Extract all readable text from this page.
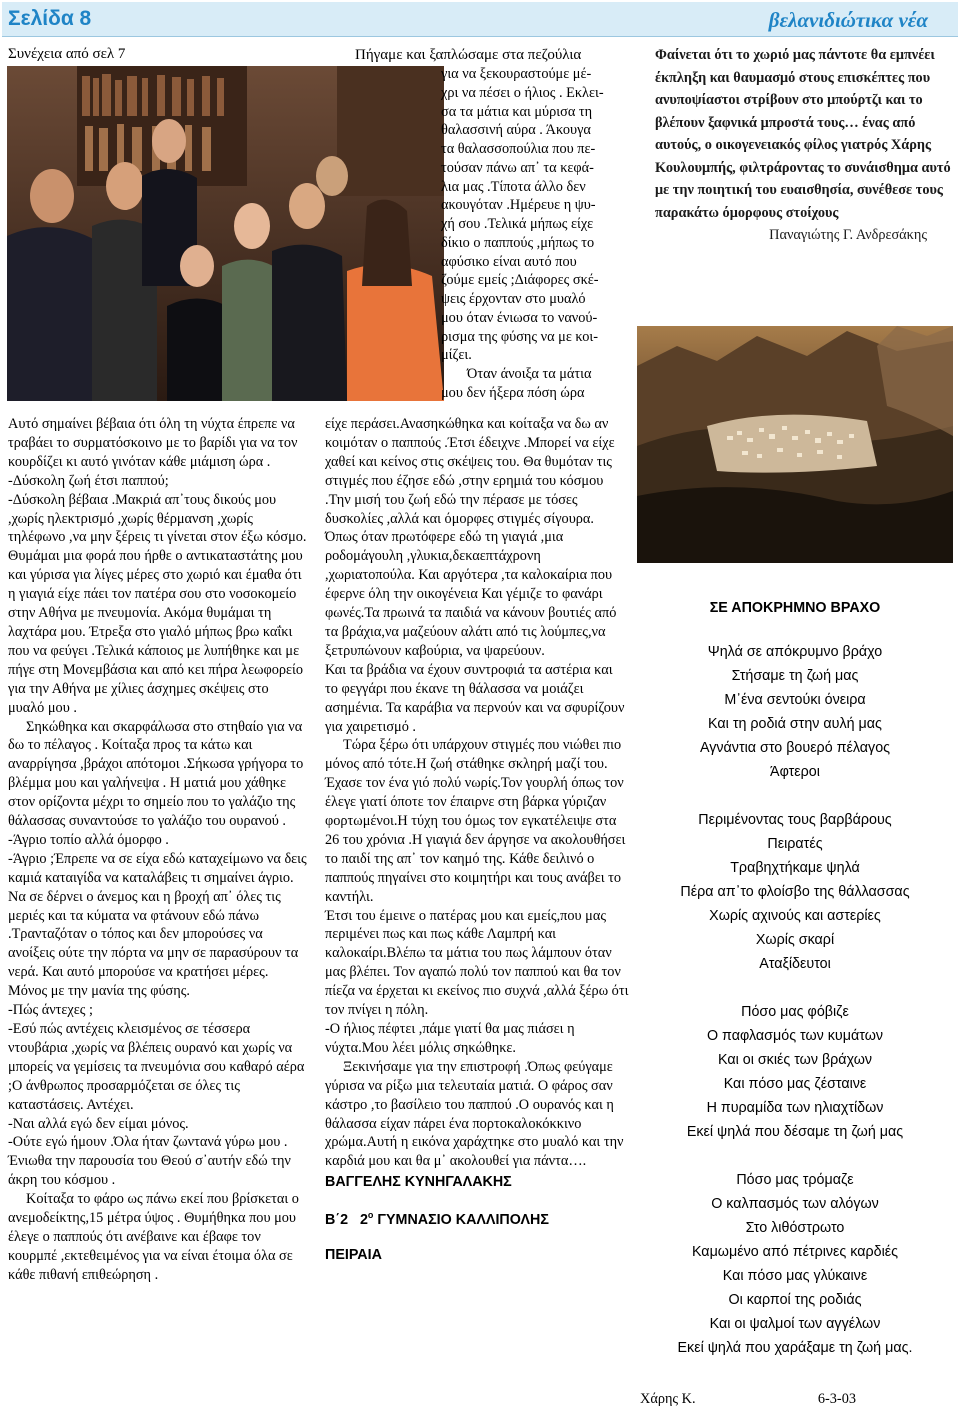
Σελίδα 8	βελανιδιώτικα νέα
Συνέχεια από σελ 7	Πήγαμε και ξαπλώσαμε στα πεζούλια

για να ξεκουραστούμε μέ-

χρι να πέσει ο ήλιος . Εκλει-

σα τα μάτια και μύρισα τη

θαλασσινή αύρα . Άκουγα

τα θαλασσοπούλια που πε-

τούσαν πάνω απ᾽ τα κεφά-

λια μας .Τίποτα άλλο δεν

ακουγόταν .Ημέρευε η ψυ-

χή σου .Τελικά μήπως είχε

δίκιο ο παππούς ,μήπως το

αφύσικο είναι αυτό που

ζούμε εμείς ;Διάφορες σκέ-

ψεις έρχονταν στο μυαλό

μου όταν ένιωσα το νανού-

ρισμα της φύσης να με κοι-

μίζει.

Όταν άνοιξα τα μάτια

μου δεν ήξερα πόση ώρα

Αυτό σημαίνει βέβαια ότι όλη τη νύχτα έπρεπε να τραβάει το συρματόσκοινο με το βαρίδι για να τον κουρδίζει κι αυτό γινόταν κάθε μιάμιση ώρα .

-Δύσκολη ζωή έτσι παππού;

-Δύσκολη βέβαια .Μακριά απ᾽τους δικούς μου ,χωρίς ηλεκτρισμό ,χωρίς θέρμανση ,χωρίς τηλέφωνο ,να μην ξέρεις τι γίνεται στον έξω κόσμο. Θυμάμαι μια φορά που ήρθε ο αντικαταστάτης μου και γύρισα για λίγες μέρες στο χωριό και έμαθα ότι η γιαγιά είχε πάει τον πατέρα σου στο νοσοκομείο στην Αθήνα με πνευμονία. Ακόμα θυμάμαι τη λαχτάρα μου. Έτρεξα στο γιαλό μήπως βρω καΐκι που να φεύγει .Τελικά κάποιος με λυπήθηκε και με πήγε στη Μονεμβάσια και από κει πήρα λεωφορείο για την Αθήνα με χίλιες άσχημες σκέψεις στο μυαλό μου .

Σηκώθηκα και σκαρφάλωσα στο στηθαίο για να δω το πέλαγος . Κοίταξα προς τα κάτω και αναρρίγησα ,βράχοι απότομοι .Σήκωσα γρήγορα το βλέμμα μου και γαλήνεψα . Η ματιά μου χάθηκε στον ορίζοντα μέχρι το σημείο που το γαλάζιο της θάλασσας συναντούσε το γαλάζιο του ουρανού .

-Άγριο τοπίο αλλά όμορφο .

-Άγριο ;Έπρεπε να σε είχα εδώ καταχείμωνο να δεις καμιά καταιγίδα να καταλάβεις τι σημαίνει άγριο. Να σε δέρνει ο άνεμος και η βροχή απ᾽ όλες τις μεριές και τα κύματα να φτάνουν εδώ πάνω .Τρανταζόταν ο τόπος και δεν μπορούσες να ανοίξεις ούτε την πόρτα να μην σε παρασύρουν τα νερά. Και αυτό μπορούσε να κρατήσει μέρες. Μόνος με την μανία της φύσης.

-Πώς άντεχες ;

-Εσύ πώς αντέχεις κλεισμένος σε τέσσερα ντουβάρια ,χωρίς να βλέπεις ουρανό και χωρίς να μπορείς να γεμίσεις τα πνευμόνια σου καθαρό αέρα ;Ο άνθρωπος προσαρμόζεται σε όλες τις καταστάσεις. Αντέχει.

-Ναι αλλά εγώ δεν είμαι μόνος.

-Ούτε εγώ ήμουν .Όλα ήταν ζωντανά γύρω μου . Ένιωθα την παρουσία του Θεού σ᾽αυτήν εδώ την άκρη του κόσμου .

Κοίταξα το φάρο ως πάνω εκεί που βρίσκεται ο ανεμοδείκτης,15 μέτρα ύψος . Θυμήθηκα που μου έλεγε ο παππούς ότι ανέβαινε και έβαφε τον κουρμπέ ,εκτεθειμένος για να είναι έτοιμα όλα σε κάθε πιθανή επιθεώρηση .

είχε περάσει.Ανασηκώθηκα και κοίταξα να δω αν κοιμόταν ο παππούς .Έτσι έδειχνε .Μπορεί να είχε χαθεί και κείνος στις σκέψεις του. Θα θυμόταν τις στιγμές που έζησε εδώ ,στην ερημιά του κόσμου .Την μισή του ζωή εδώ την πέρασε με τόσες δυσκολίες ,αλλά και όμορφες στιγμές σίγουρα. Όπως όταν πρωτόφερε εδώ τη γιαγιά ,μια ροδομάγουλη ,γλυκια,δεκαεπτάχρονη ,χωριατοπούλα. Και αργότερα ,τα καλοκαίρια που έφερνε όλη την οικογένεια Και γέμιζε το φανάρι φωνές.Τα πρωινά τα παιδιά να κάνουν βουτιές από τα βράχια,να μαζεύουν αλάτι από τις λούμπες,να ξετρυπώνουν καβούρια, να ψαρεύουν.

Και τα βράδια να έχουν συντροφιά τα αστέρια και το φεγγάρι που έκανε τη θάλασσα να μοιάζει ασημένια. Τα καράβια να περνούν και να σφυρίζουν για χαιρετισμό .

Τώρα ξέρω ότι υπάρχουν στιγμές που νιώθει πιο μόνος από τότε.Η ζωή στάθηκε σκληρή μαζί του. Έχασε τον ένα γιό πολύ νωρίς.Τον γουρλή όπως τον έλεγε γιατί όποτε τον έπαιρνε στη βάρκα γύριζαν φορτωμένοι.Η τύχη του όμως τον εγκατέλειψε στα 26 του χρόνια .Η γιαγιά δεν άργησε να ακολουθήσει το παιδί της απ᾽ τον καημό της. Κάθε δειλινό ο παππούς πηγαίνει στο κοιμητήρι και τους ανάβει το καντήλι.

Έτσι του έμεινε ο πατέρας μου και εμείς,που μας περιμένει πως και πως κάθε Λαμπρή και καλοκαίρι.Βλέπω τα μάτια του πως λάμπουν όταν μας βλέπει. Τον αγαπώ πολύ τον παππού και θα τον πίεζα να έρχεται κι εκείνος πιο συχνά ,αλλά ξέρω ότι τον πνίγει η πόλη.

-Ο ήλιος πέφτει ,πάμε γιατί θα μας πιάσει η νύχτα.Μου λέει μόλις σηκώθηκε.

Ξεκινήσαμε για την επιστροφή .Όπως φεύγαμε γύρισα να ρίξω μια τελευταία ματιά. Ο φάρος σαν κάστρο ,το βασίλειο του παππού .Ο ουρανός και η θάλασσα είχαν πάρει ένα πορτοκαλοκόκκινο χρώμα.Αυτή η εικόνα χαράχτηκε στο μυαλό και την καρδιά μου και θα μ᾽ ακολουθεί για πάντα….

ΒΑΓΓΕΛΗΣ ΚΥΝΗΓΑΛΑΚΗΣ

Β΄2 $2^o$ ΓΥΜΝΑΣΙΟ ΚΑΛΛΙΠΟΛΗΣ

ΠΕΙΡΑΙΑ

Φαίνεται ότι το χωριό μας πάντοτε θα εμπνέει έκπληξη και θαυμασμό στους επισκέπτες που ανυποψίαστοι στρίβουν στο μπούρτζι και το βλέπουν ξαφνικά μπροστά τους… ένας από αυτούς, ο οικογενειακός φίλος γιατρός Χάρης Κουλουμπής, φιλτράροντας το συνάισθημα αυτό με την ποιητική του ευαισθησία, συνέθεσε τους παρακάτω όμορφους στοίχους

Παναγιώτης Γ. Ανδρεσάκης

ΣΕ ΑΠΟΚΡΗΜΝΟ ΒΡΑΧΟ
Ψηλά σε απόκρυμνο βράχο
Στήσαμε τη ζωή μας
Μ᾽ένα σεντούκι όνειρα
Και τη ροδιά στην αυλή μας
Αγνάντια στο βουερό πέλαγος
Άφτεροι
Περιμένοντας τους βαρβάρους
Πειρατές
Τραβηχτήκαμε ψηλά
Πέρα απ᾽το φλοίσβο της θάλλασσας
Χωρίς αχινούς και αστερίες
Χωρίς σκαρί
Αταξίδευτοι
Πόσο μας φόβιζε
Ο παφλασμός των κυμάτων
Και οι σκιές των βράχων
Και πόσο μας ζέσταινε
Η πυραμίδα των ηλιαχτίδων
Εκεί ψηλά που δέσαμε τη ζωή μας
Πόσο μας τρόμαζε
Ο καλπασμός των αλόγων
Στο λιθόστρωτο
Καμωμένο από πέτρινες καρδιές
Και πόσο μας γλύκαινε
Οι καρποί της ροδιάς
Και οι ψαλμοί των αγγέλων
Εκεί ψηλά που χαράξαμε τη ζωή μας.
Χάρης Κ.	6-3-03
